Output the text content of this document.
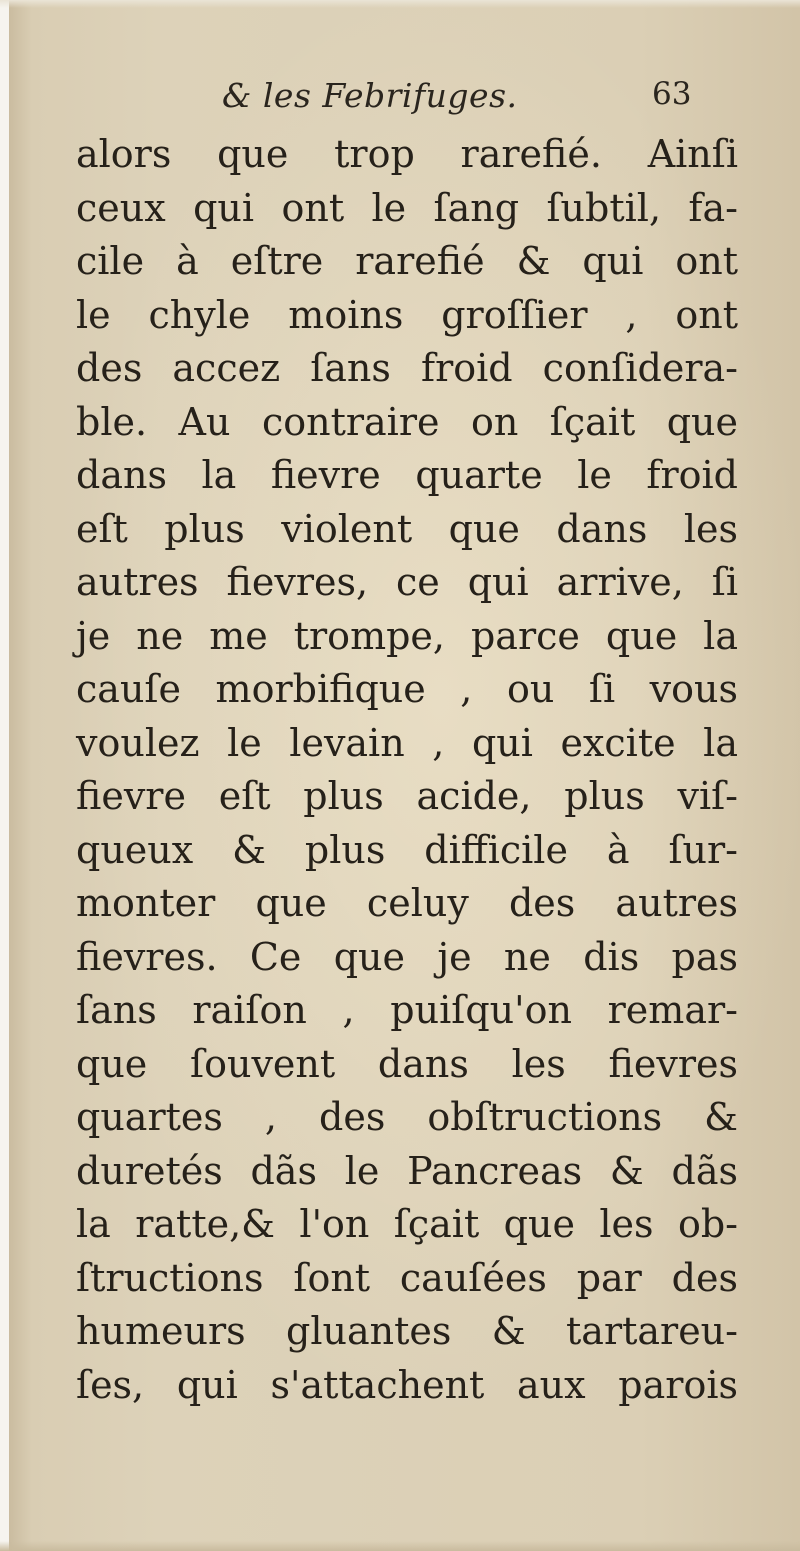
& les Febrifuges.	63
alors que trop rarefié. Ainſi
ceux qui ont le ſang ſubtil, fa-
cile à eſtre rarefié & qui ont
le chyle moins groſſier , ont
des accez ſans froid conſidera-
ble. Au contraire on ſçait que
dans la fievre quarte le froid
eſt plus violent que dans les
autres fievres, ce qui arrive, ſi
je ne me trompe, parce que la
cauſe morbifique , ou ſi vous
voulez le levain , qui excite la
fievre eſt plus acide, plus viſ-
queux & plus difficile à ſur-
monter que celuy des autres
fievres. Ce que je ne dis pas
ſans raiſon , puiſqu'on remar-
que ſouvent dans les fievres
quartes , des obſtructions &
duretés dãs le Pancreas & dãs
la ratte,& l'on ſçait que les ob-
ſtructions ſont cauſées par des
humeurs gluantes & tartareu-
ſes, qui s'attachent aux parois
